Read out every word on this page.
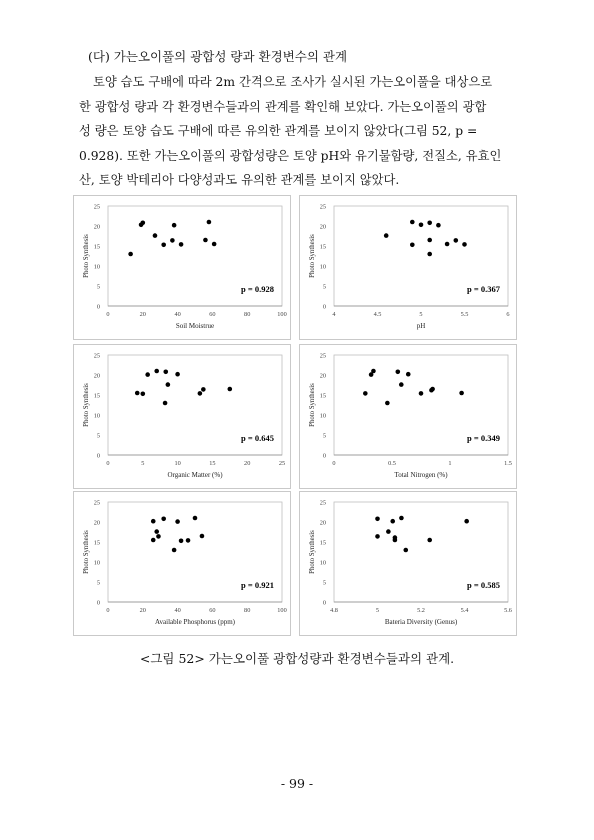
(다) 가는오이풀의 광합성 량과 환경변수의 관계
토양 습도 구배에 따라 2m 간격으로 조사가 실시된 가는오이풀을 대상으로
한 광합성 량과 각 환경변수들과의 관계를 확인해 보았다. 가는오이풀의 광합
성 량은 토양 습도 구배에 따른 유의한 관계를 보이지 않았다(그림 52, p =
0.928). 또한 가는오이풀의 광합성량은 토양 pH와 유기물함량, 전질소, 유효인
산, 토양 박테리아 다양성과도 유의한 관계를 보이지 않았다.
0
5
10
15
20
25
0	20	40	60	80	100
Soil Moistrue
Photo Synthesis
p = 0.928
0
5
10
15
20
25
4	4.5	5	5.5	6
pH
Photo Synthesis
p = 0.367
0
5
10
15
20
25
0	5	10	15	20	25
Organic Matter (%)
Photo Synthesis
p = 0.645
0
5
10
15
20
25
0	0.5	1	1.5
Total Nitrogen (%)
Photo Synthesis
p = 0.349
0
5
10
15
20
25
0	20	40	60	80	100
Available Phosphorus (ppm)
Photo Synthesis
p = 0.921
0
5
10
15
20
25
4.8	5	5.2	5.4	5.6
Bateria Diversity (Genus)
Photo Synthesis
p = 0.585
<그림 52> 가는오이풀 광합성량과 환경변수들과의 관계.
- 99 -
